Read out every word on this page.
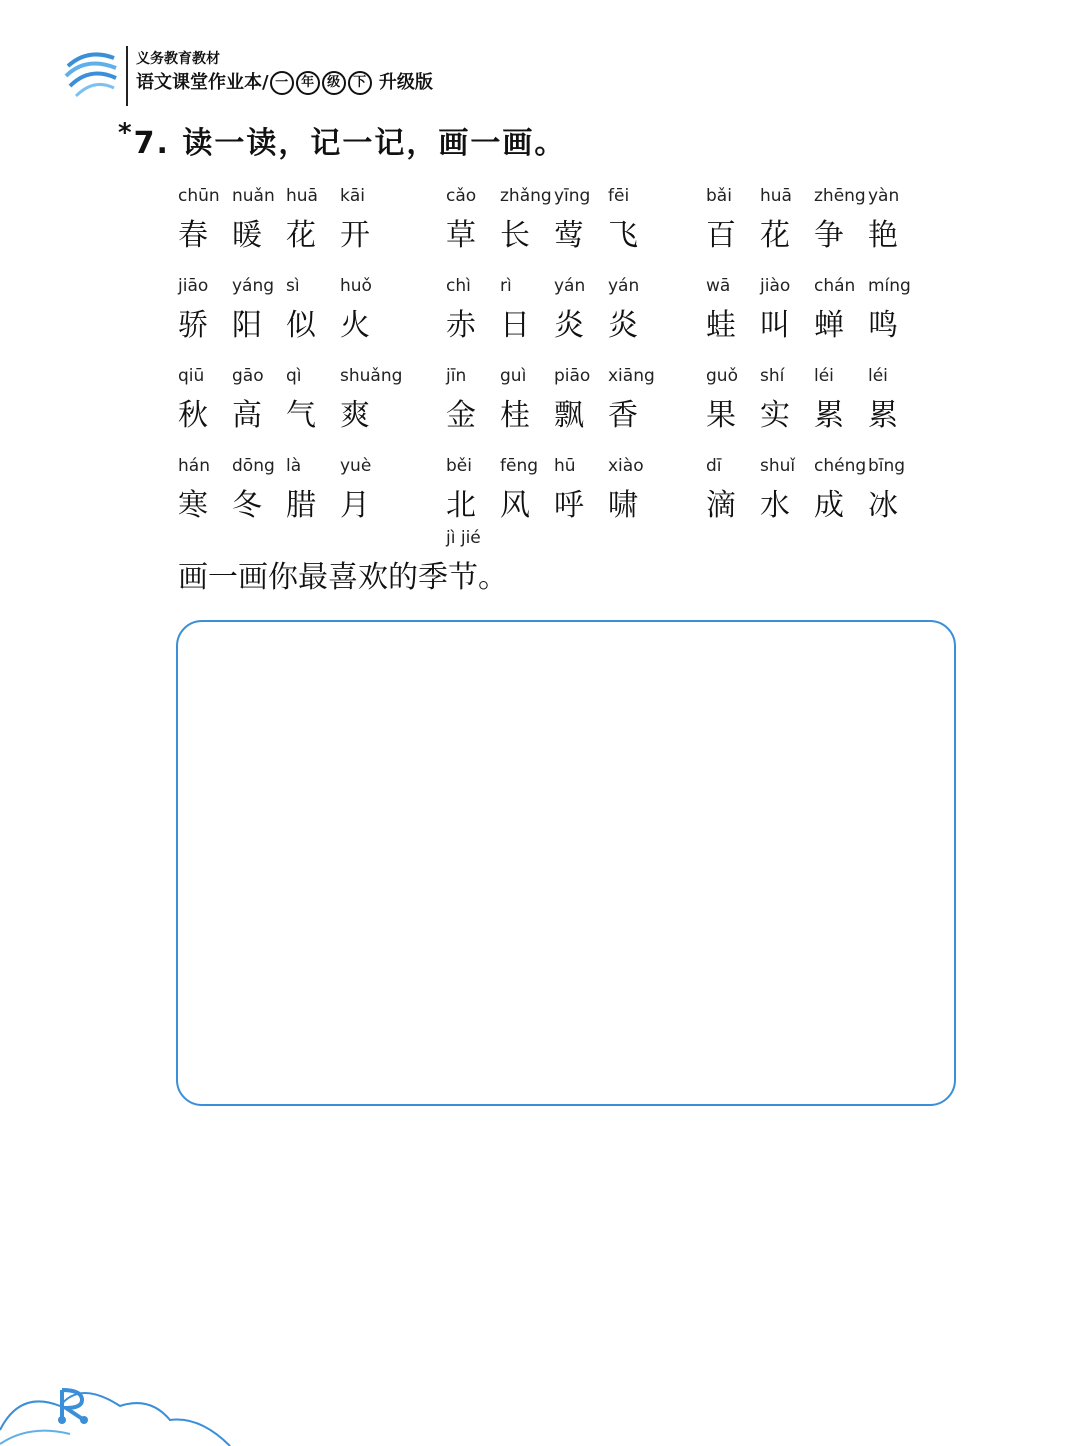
义务教育教材
语文课堂作业本/ 一 年 级 下 升级版
*7. 读一读，记一记，画一画。
chūn nuǎn huā	kāi
春 暖 花 开
cǎo	zhǎng yīng	fēi
草 长 莺 飞
bǎi	huā	zhēng yàn
百 花 争 艳
jiāo	yáng sì	huǒ
骄 阳 似 火
chì	rì	yán	yán
赤 日 炎 炎
wā	jiào	chán míng
蛙 叫 蝉 鸣
qiū	gāo	qì	shuǎng
秋 高 气 爽
jīn	guì	piāo	xiāng
金 桂 飘 香
guǒ	shí	léi	léi
果 实 累 累
hán	dōng là	yuè
寒 冬 腊 月
běi	fēng hū	xiào
北 风 呼 啸
dī	shuǐ	chéng bīng
滴 水 成 冰
jì jié
画一画你最喜欢的季节。
